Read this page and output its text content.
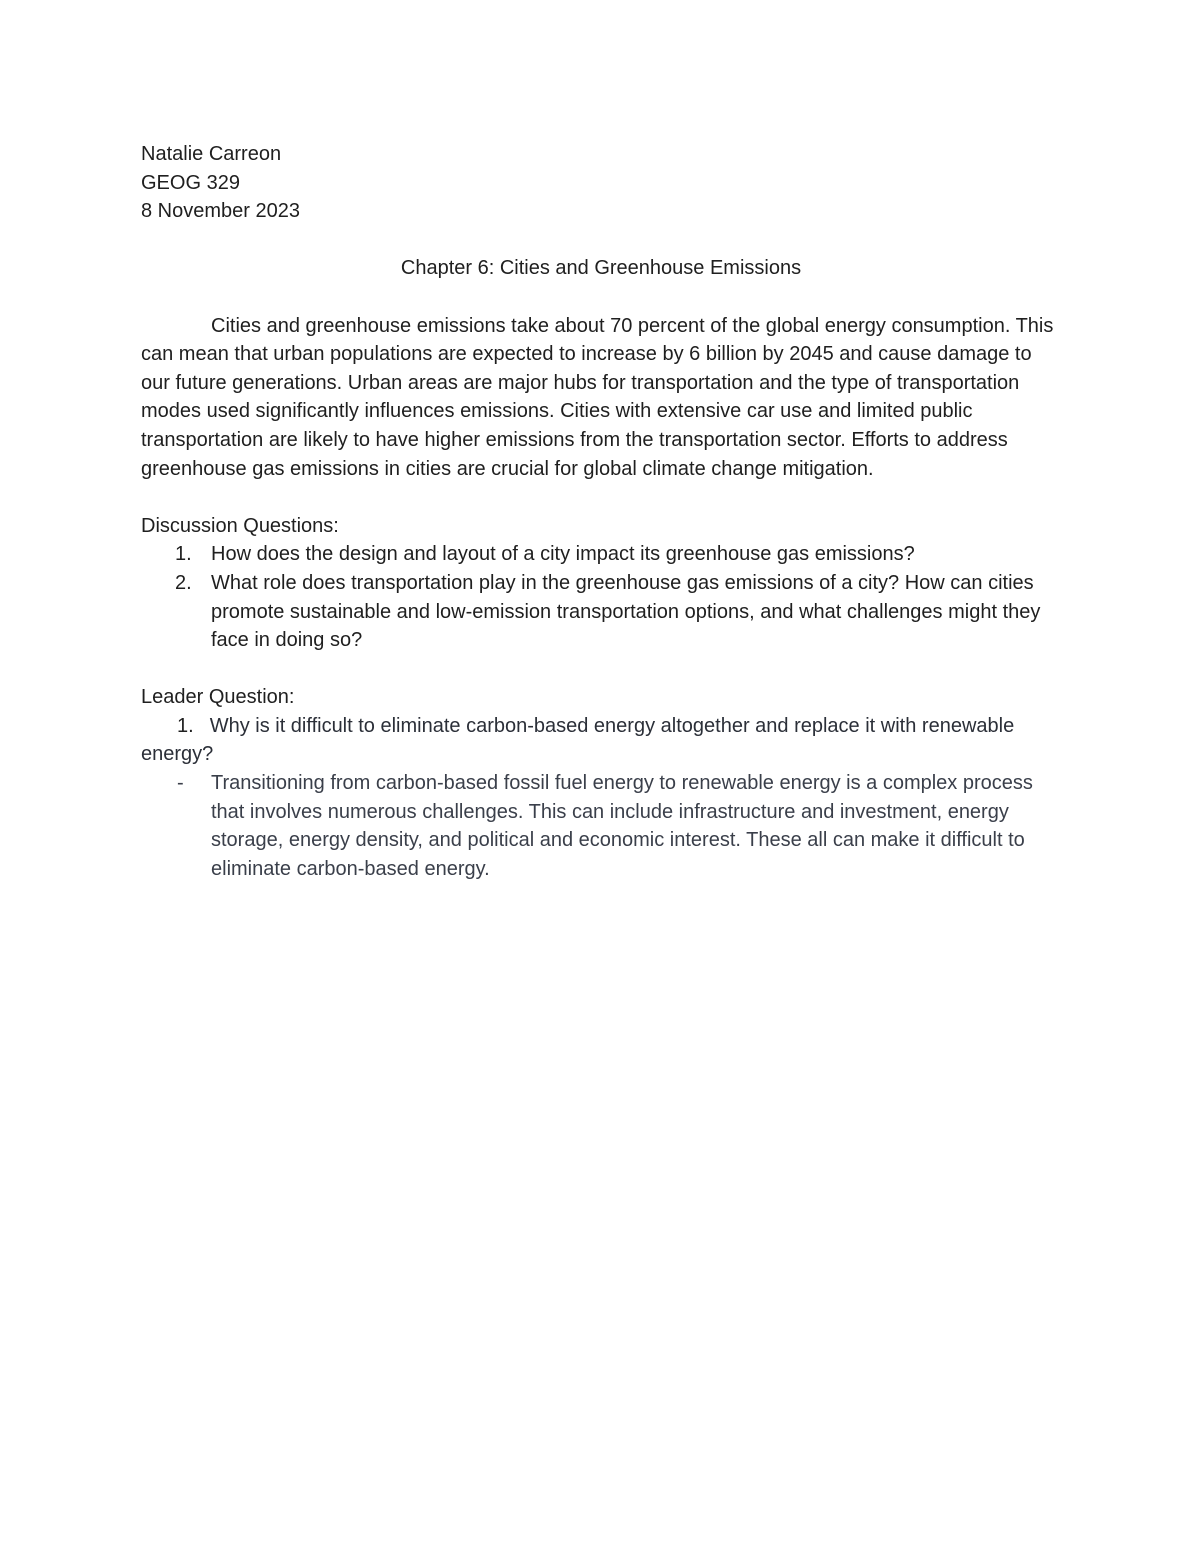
Natalie Carreon
GEOG 329
8 November 2023
Chapter 6: Cities and Greenhouse Emissions

Cities and greenhouse emissions take about 70 percent of the global energy consumption. This can mean that urban populations are expected to increase by 6 billion by 2045 and cause damage to our future generations. Urban areas are major hubs for transportation and the type of transportation modes used significantly influences emissions. Cities with extensive car use and limited public transportation are likely to have higher emissions from the transportation sector. Efforts to address greenhouse gas emissions in cities are crucial for global climate change mitigation.

Discussion Questions:
1. How does the design and layout of a city impact its greenhouse gas emissions?
2. What role does transportation play in the greenhouse gas emissions of a city? How can cities promote sustainable and low-emission transportation options, and what challenges might they face in doing so?
Leader Question:
1. Why is it difficult to eliminate carbon-based energy altogether and replace it with renewable energy?
- Transitioning from carbon-based fossil fuel energy to renewable energy is a complex process that involves numerous challenges. This can include infrastructure and investment, energy storage, energy density, and political and economic interest. These all can make it difficult to eliminate carbon-based energy.
